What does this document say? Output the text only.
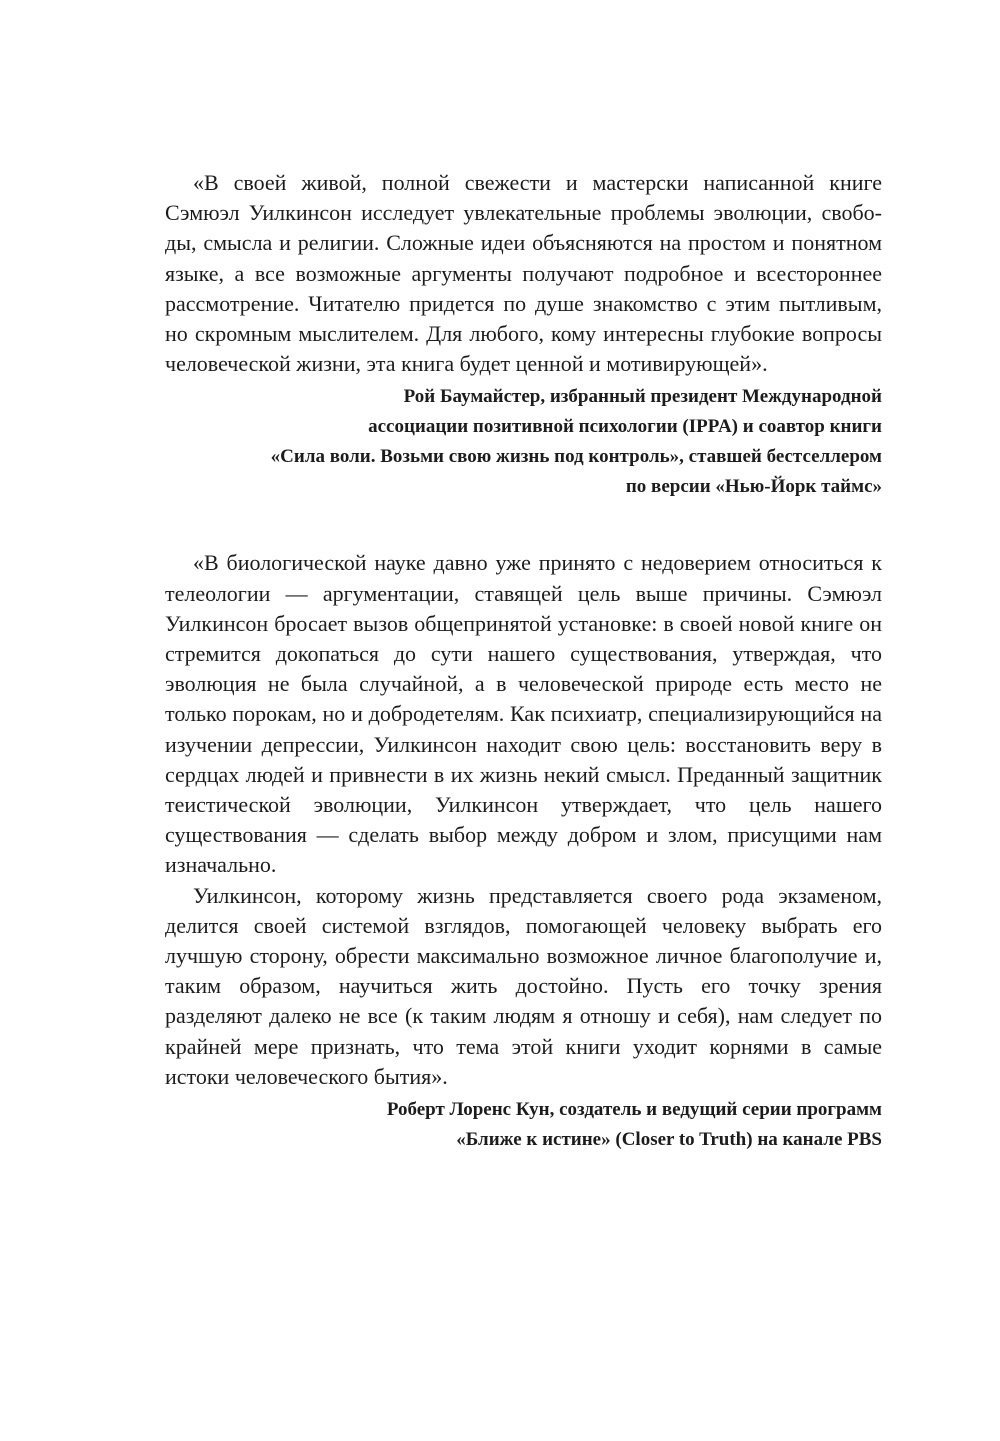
«В своей живой, полной свежести и мастерски написанной книге Сэмюэл Уилкинсон исследует увлекательные проблемы эволюции, свободы, смысла и религии. Сложные идеи объясняются на простом и понятном языке, а все возможные аргументы получают подробное и всестороннее рассмотрение. Читателю придется по душе знакомство с этим пытливым, но скромным мыслителем. Для любого, кому интересны глубокие вопросы человеческой жизни, эта книга будет ценной и мотивирующей».

Рой Баумайстер, избранный президент Международной
ассоциации позитивной психологии (IPPA) и соавтор книги
«Сила воли. Возьми свою жизнь под контроль», ставшей бестселлером
по версии «Нью-Йорк таймс»

«В биологической науке давно уже принято с недоверием относиться к телеологии — аргументации, ставящей цель выше причины. Сэмюэл Уилкинсон бросает вызов общепринятой установке: в своей новой книге он стремится докопаться до сути нашего существования, утверждая, что эволюция не была случайной, а в человеческой природе есть место не только порокам, но и добродетелям. Как психиатр, специализирующийся на изучении депрессии, Уилкинсон находит свою цель: восстановить веру в сердцах людей и привнести в их жизнь некий смысл. Преданный защитник теистической эволюции, Уилкинсон утверждает, что цель нашего существования — сделать выбор между добром и злом, присущими нам изначально.

Уилкинсон, которому жизнь представляется своего рода экзаменом, делится своей системой взглядов, помогающей человеку выбрать его лучшую сторону, обрести максимально возможное личное благополучие и, таким образом, научиться жить достойно. Пусть его точку зрения разделяют далеко не все (к таким людям я отношу и себя), нам следует по крайней мере признать, что тема этой книги уходит корнями в самые истоки человеческого бытия».

Роберт Лоренс Кун, создатель и ведущий серии программ
«Ближе к истине» (Closer to Truth) на канале PBS
